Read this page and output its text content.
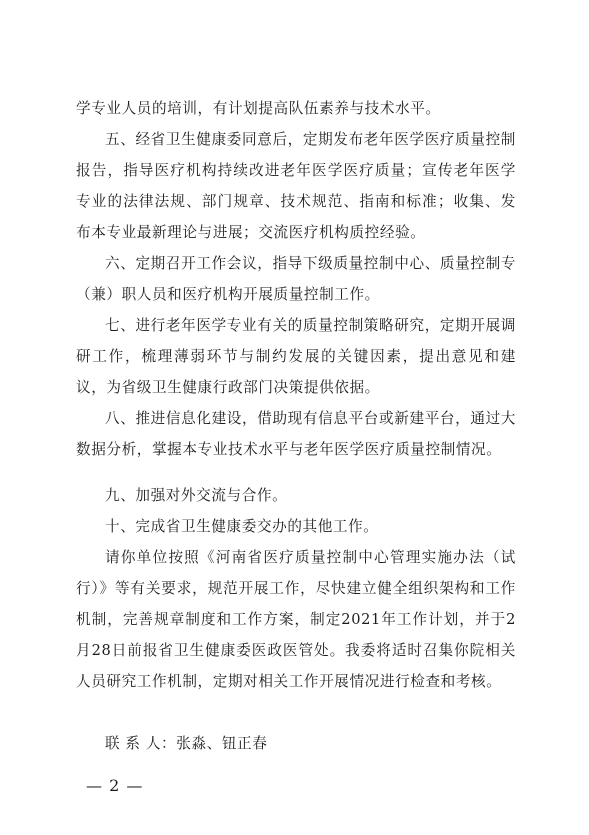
学专业人员的培训，有计划提高队伍素养与技术水平。

五、经省卫生健康委同意后，定期发布老年医学医疗质量控制报告，指导医疗机构持续改进老年医学医疗质量；宣传老年医学专业的法律法规、部门规章、技术规范、指南和标准；收集、发布本专业最新理论与进展；交流医疗机构质控经验。

六、定期召开工作会议，指导下级质量控制中心、质量控制专（兼）职人员和医疗机构开展质量控制工作。

七、进行老年医学专业有关的质量控制策略研究，定期开展调研工作，梳理薄弱环节与制约发展的关键因素，提出意见和建议，为省级卫生健康行政部门决策提供依据。

八、推进信息化建设，借助现有信息平台或新建平台，通过大数据分析，掌握本专业技术水平与老年医学医疗质量控制情况。

九、加强对外交流与合作。

十、完成省卫生健康委交办的其他工作。

请你单位按照《河南省医疗质量控制中心管理实施办法（试行）》等有关要求，规范开展工作，尽快建立健全组织架构和工作机制，完善规章制度和工作方案，制定2021年工作计划，并于2月28日前报省卫生健康委医政医管处。我委将适时召集你院相关人员研究工作机制，定期对相关工作开展情况进行检查和考核。

联 系 人：张淼、钮正春

— 2 —
